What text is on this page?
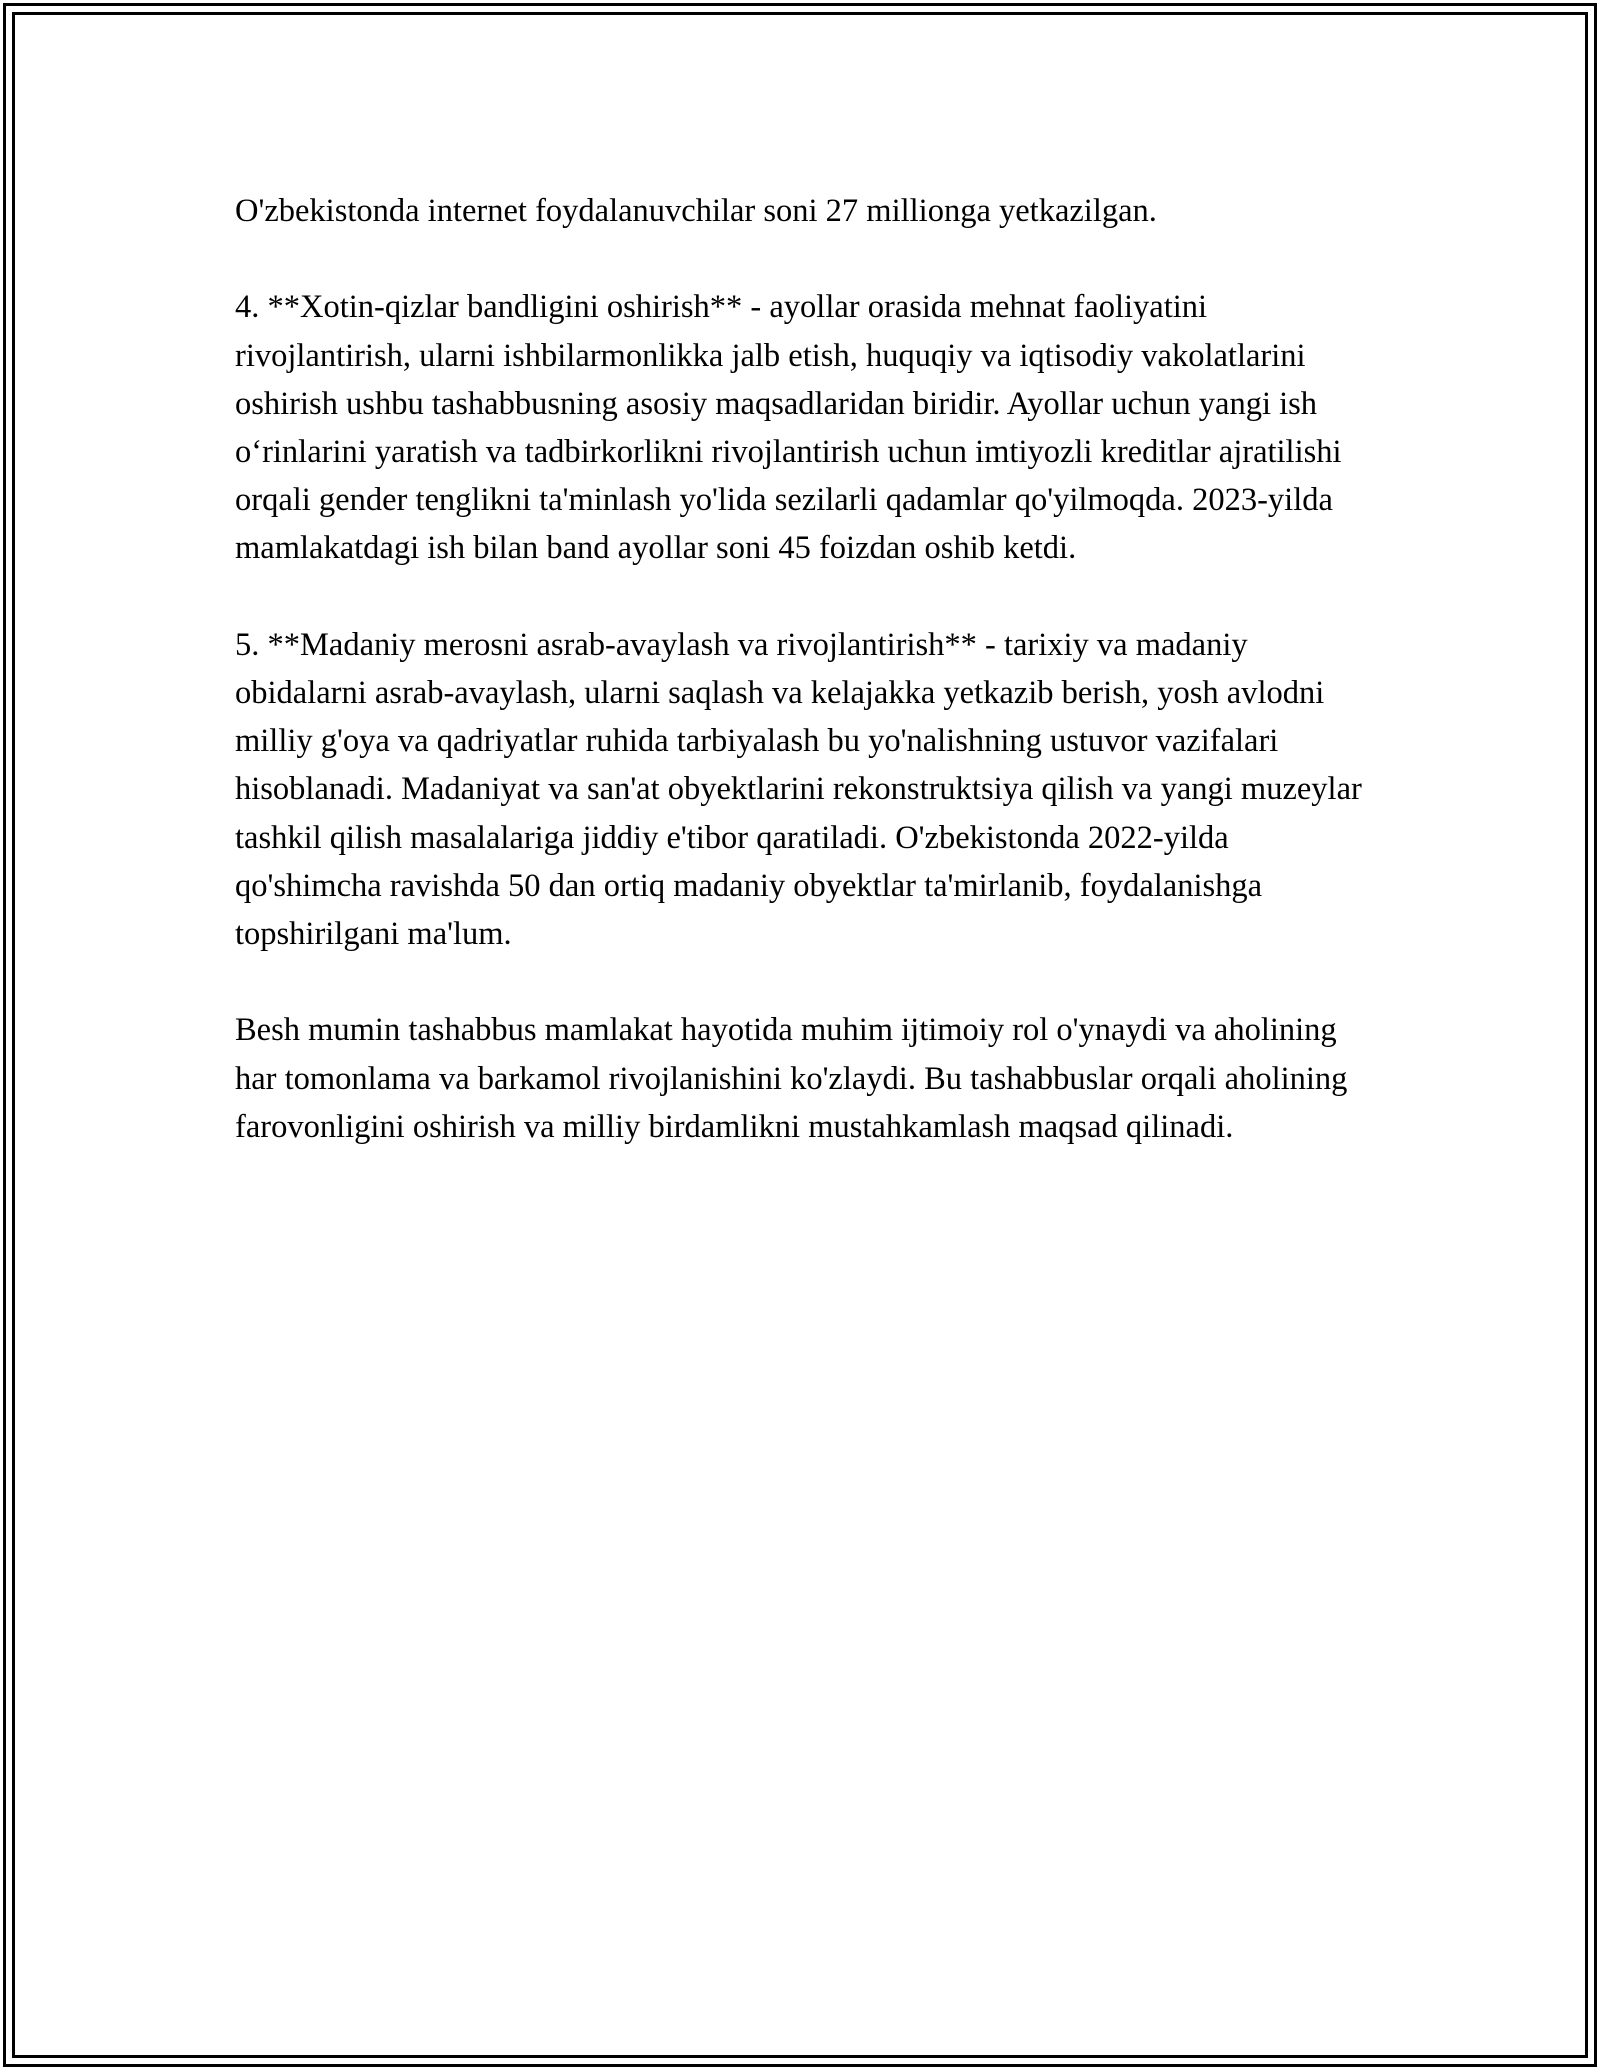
O'zbekistonda internet foydalanuvchilar soni 27 millionga yetkazilgan.

4. **Xotin-qizlar bandligini oshirish** - ayollar orasida mehnat faoliyatini rivojlantirish, ularni ishbilarmonlikka jalb etish, huquqiy va iqtisodiy vakolatlarini oshirish ushbu tashabbusning asosiy maqsadlaridan biridir. Ayollar uchun yangi ish o‘rinlarini yaratish va tadbirkorlikni rivojlantirish uchun imtiyozli kreditlar ajratilishi orqali gender tenglikni ta'minlash yo'lida sezilarli qadamlar qo'yilmoqda. 2023-yilda mamlakatdagi ish bilan band ayollar soni 45 foizdan oshib ketdi.

5. **Madaniy merosni asrab-avaylash va rivojlantirish** - tarixiy va madaniy obidalarni asrab-avaylash, ularni saqlash va kelajakka yetkazib berish, yosh avlodni milliy g'oya va qadriyatlar ruhida tarbiyalash bu yo'nalishning ustuvor vazifalari hisoblanadi. Madaniyat va san'at obyektlarini rekonstruktsiya qilish va yangi muzeylar tashkil qilish masalalariga jiddiy e'tibor qaratiladi. O'zbekistonda 2022-yilda qo'shimcha ravishda 50 dan ortiq madaniy obyektlar ta'mirlanib, foydalanishga topshirilgani ma'lum.

Besh mumin tashabbus mamlakat hayotida muhim ijtimoiy rol o'ynaydi va aholining har tomonlama va barkamol rivojlanishini ko'zlaydi. Bu tashabbuslar orqali aholining farovonligini oshirish va milliy birdamlikni mustahkamlash maqsad qilinadi.
